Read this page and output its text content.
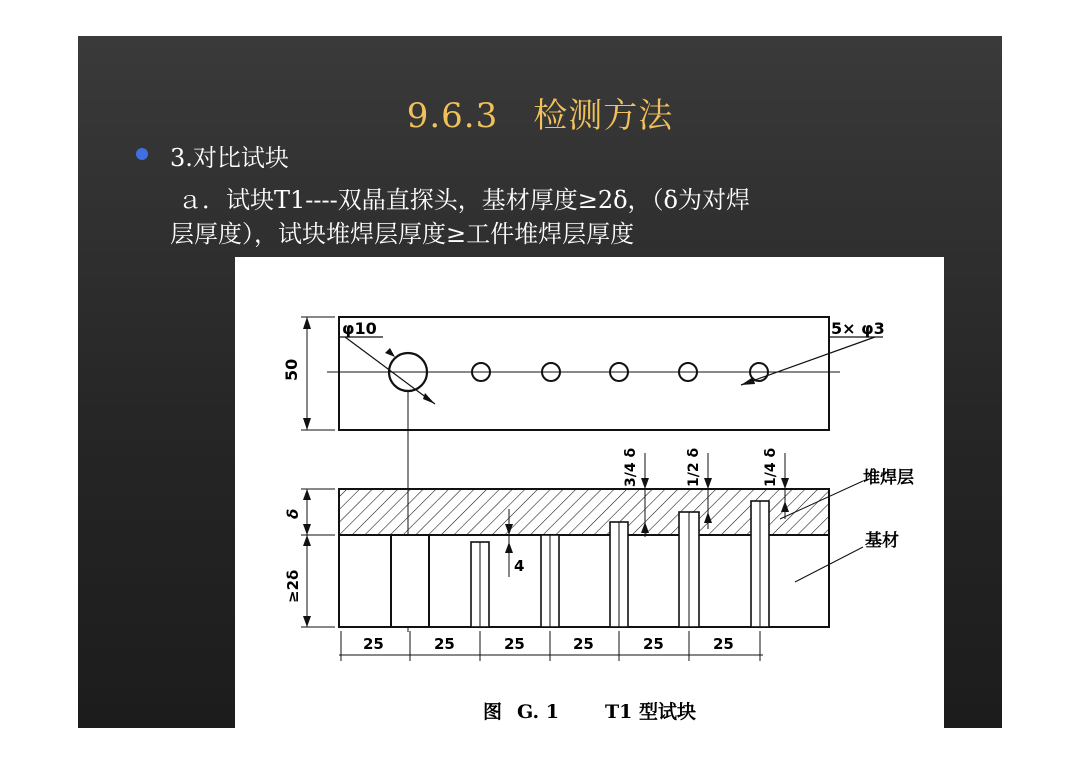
9.6.3　检测方法
3.对比试块
ａ．试块T1----双晶直探头，基材厚度≥2δ，（δ为对焊
层厚度），试块堆焊层厚度≥工件堆焊层厚度
φ10	5× φ3
50
4
3/4 δ	1/2 δ	1/4 δ
δ
≥2δ
堆焊层
基材
25	25	25	25	25	25
图 G. 1 T1 型试块
